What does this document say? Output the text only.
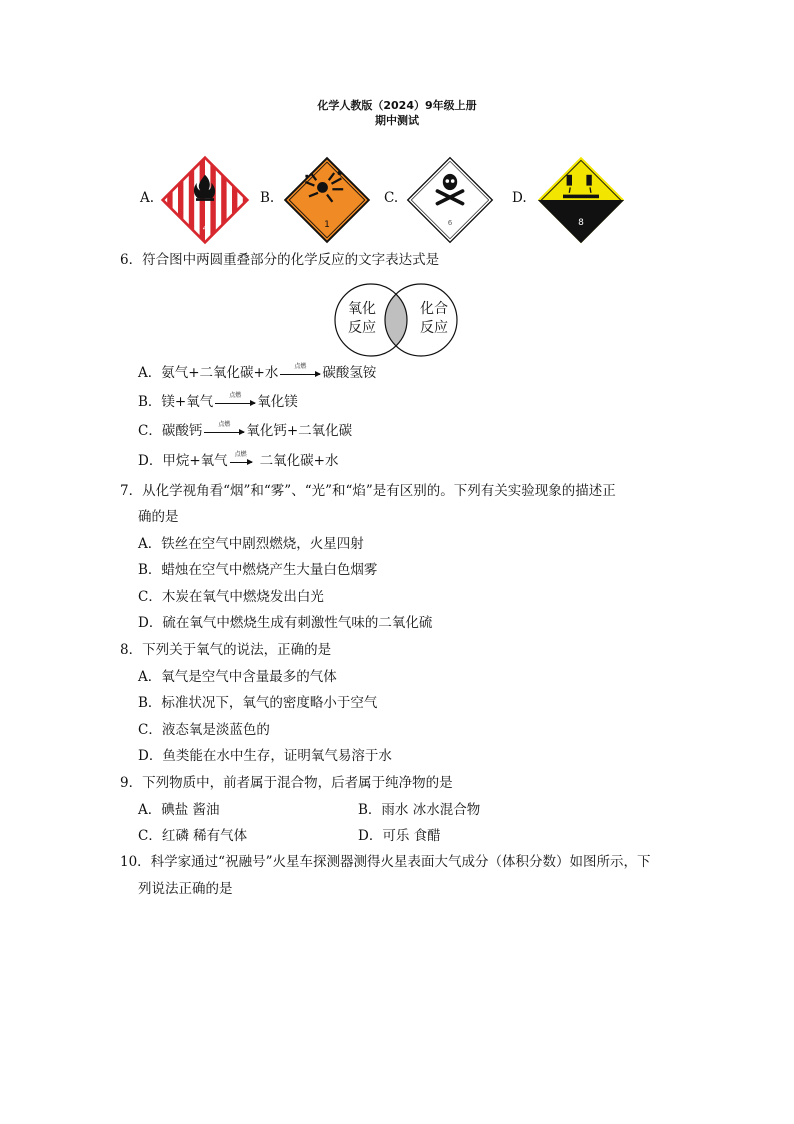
化学人教版（2024）9年级上册
期中测试
A.
4
B.
1
C.
6
D.
8
6．符合图中两圆重叠部分的化学反应的文字表达式是
氧化
反应
化合
反应
A．氨气+二氧化碳+水	点燃	碳酸氢铵
B．镁+氧气	点燃	氧化镁
C．碳酸钙	点燃	氧化钙+二氧化碳
D．甲烷+氧气	点燃 二氧化碳+水
7．从化学视角看“烟”和“雾”、“光”和“焰”是有区别的。下列有关实验现象的描述正
确的是
A．铁丝在空气中剧烈燃烧，火星四射
B．蜡烛在空气中燃烧产生大量白色烟雾
C．木炭在氧气中燃烧发出白光
D．硫在氧气中燃烧生成有刺激性气味的二氧化硫
8．下列关于氧气的说法，正确的是
A．氧气是空气中含量最多的气体
B．标准状况下，氧气的密度略小于空气
C．液态氧是淡蓝色的
D．鱼类能在水中生存，证明氧气易溶于水
9．下列物质中，前者属于混合物，后者属于纯净物的是
A．碘盐 酱油	B．雨水 冰水混合物
C．红磷 稀有气体	D．可乐 食醋
10．科学家通过“祝融号”火星车探测器测得火星表面大气成分（体积分数）如图所示，下
列说法正确的是
